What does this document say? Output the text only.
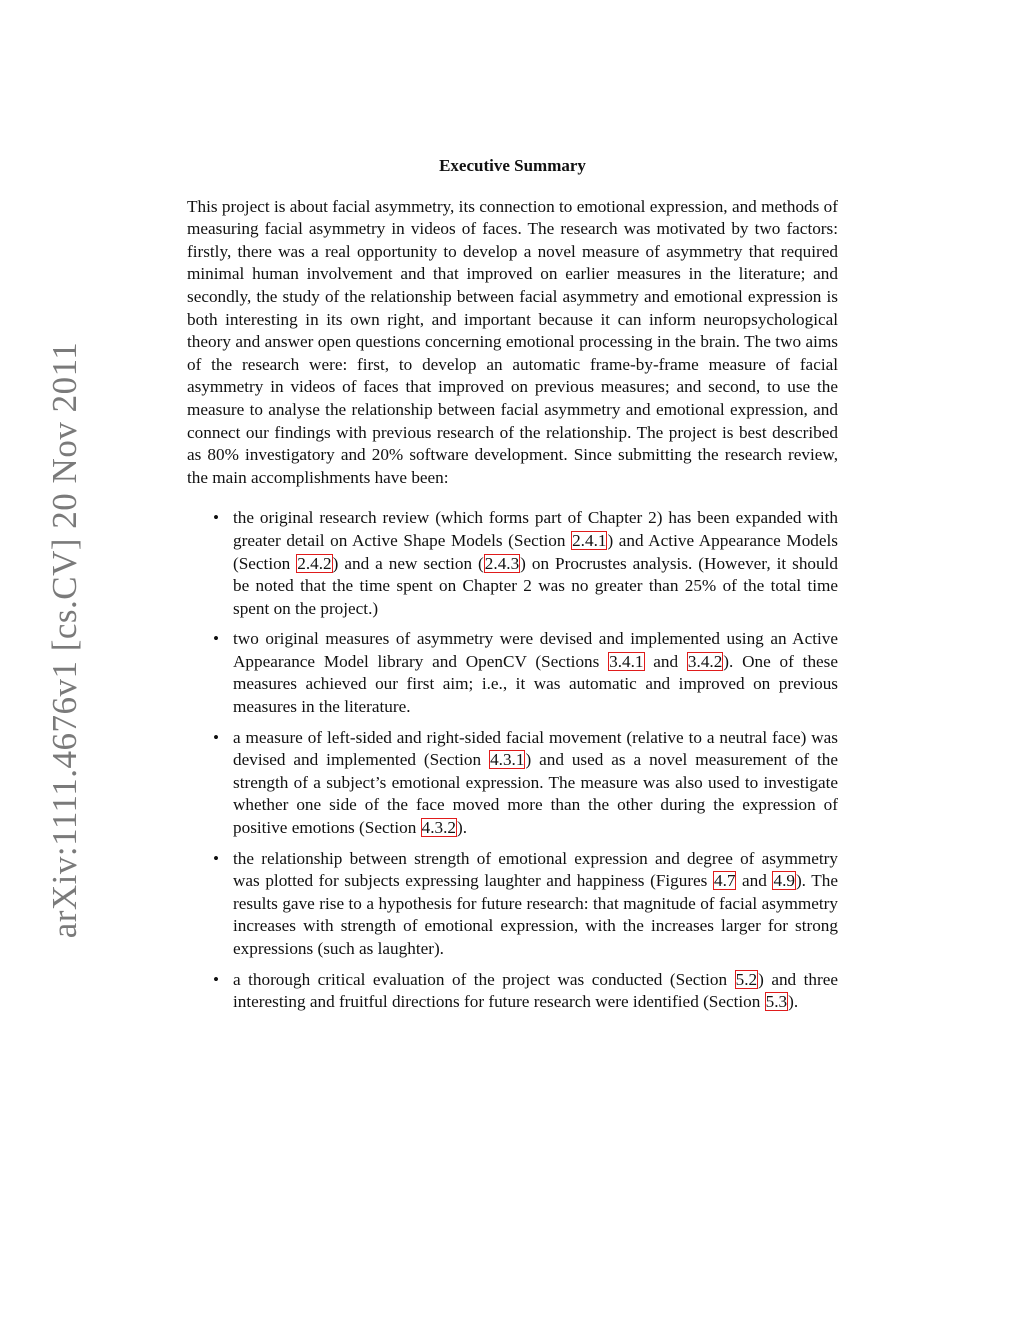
arXiv:1111.4676v1 [cs.CV] 20 Nov 2011
Executive Summary

This project is about facial asymmetry, its connection to emotional expression, and methods of measuring facial asymmetry in videos of faces. The research was motivated by two factors: firstly, there was a real opportunity to develop a novel measure of asymmetry that required minimal human involvement and that improved on earlier measures in the literature; and secondly, the study of the relationship between facial asymmetry and emotional expression is both interesting in its own right, and important because it can inform neuropsychological theory and answer open questions concerning emotional processing in the brain. The two aims of the research were: first, to develop an automatic frame-by-frame measure of facial asymmetry in videos of faces that improved on previous measures; and second, to use the measure to analyse the relationship between facial asymmetry and emotional expression, and connect our findings with previous research of the relationship. The project is best described as 80% investigatory and 20% software development. Since submitting the research review, the main accomplishments have been:

• the original research review (which forms part of Chapter 2) has been expanded with greater detail on Active Shape Models (Section 2.4.1) and Active Appearance Models (Section 2.4.2) and a new section (2.4.3) on Procrustes analysis. (However, it should be noted that the time spent on Chapter 2 was no greater than 25% of the total time spent on the project.)
• two original measures of asymmetry were devised and implemented using an Active Appearance Model library and OpenCV (Sections 3.4.1 and 3.4.2). One of these measures achieved our first aim; i.e., it was automatic and improved on previous measures in the literature.
• a measure of left-sided and right-sided facial movement (relative to a neutral face) was devised and implemented (Section 4.3.1) and used as a novel measurement of the strength of a subject’s emotional expression. The measure was also used to investigate whether one side of the face moved more than the other during the expression of positive emotions (Section 4.3.2).
• the relationship between strength of emotional expression and degree of asymmetry was plotted for subjects expressing laughter and happiness (Figures 4.7 and 4.9). The results gave rise to a hypothesis for future research: that magnitude of facial asymmetry increases with strength of emotional expression, with the increases larger for strong expressions (such as laughter).
• a thorough critical evaluation of the project was conducted (Section 5.2) and three interesting and fruitful directions for future research were identified (Section 5.3).
